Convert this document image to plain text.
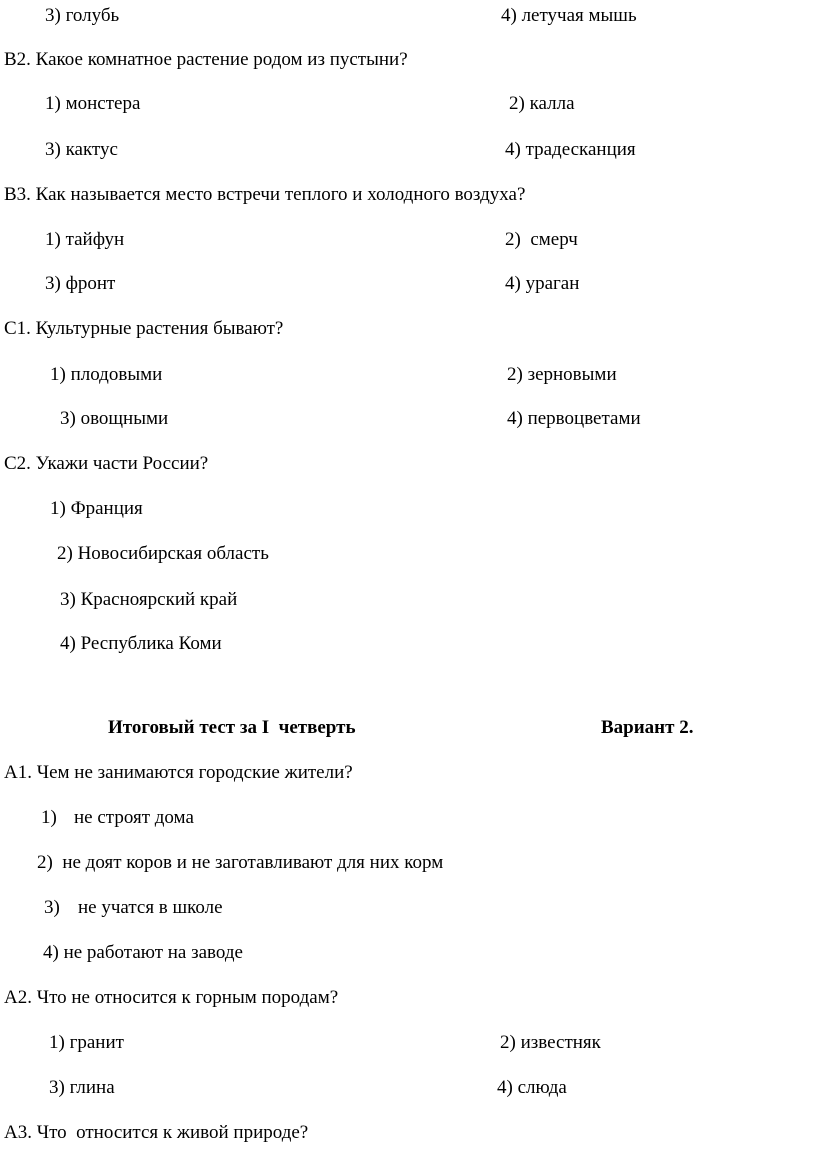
3) голубь	4) летучая мышь
В2. Какое комнатное растение родом из пустыни?
1) монстера	2) калла
3) кактус	4) традесканция
В3. Как называется место встречи теплого и холодного воздуха?
1) тайфун	2)  смерч
3) фронт	4) ураган
С1. Культурные растения бывают?
1) плодовыми	2) зерновыми
3) овощными	4) первоцветами
С2. Укажи части России?
1) Франция
2) Новосибирская область
3) Красноярский край
4) Республика Коми
Итоговый тест за I  четверть	Вариант 2.
А1. Чем не занимаются городские жители?
1) не строят дома
2)  не доят коров и не заготавливают для них корм
3) не учатся в школе
4) не работают на заводе
А2. Что не относится к горным породам?
1) гранит	2) известняк
3) глина	4) слюда
А3. Что  относится к живой природе?
